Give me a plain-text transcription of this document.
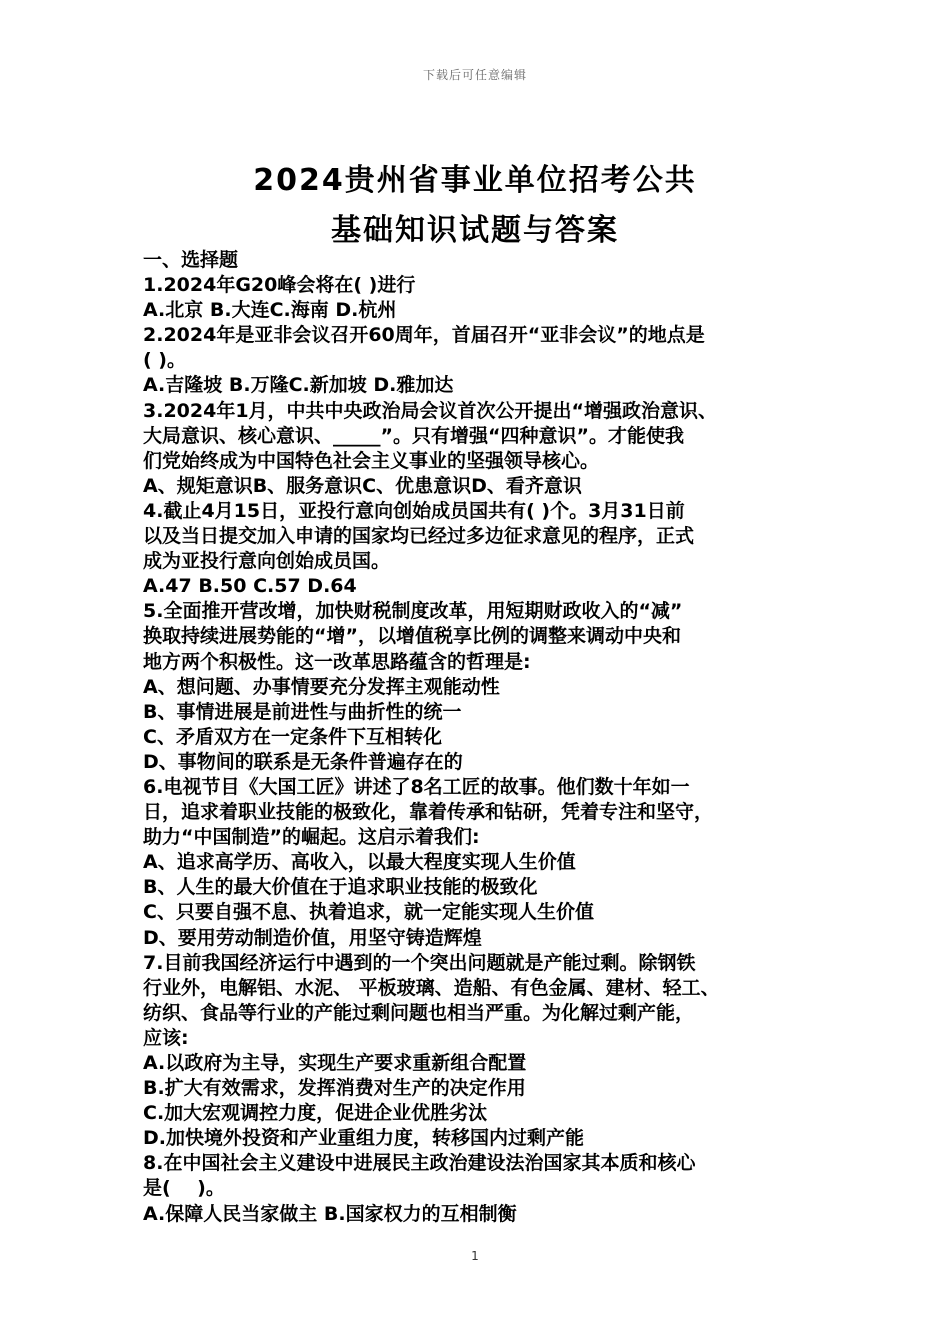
下载后可任意编辑
2024贵州省事业单位招考公共
基础知识试题与答案
一、选择题
1.2024年G20峰会将在( )进行
A.北京 B.大连C.海南 D.杭州
2.2024年是亚非会议召开60周年，首届召开“亚非会议”的地点是
( )。
A.吉隆坡 B.万隆C.新加坡 D.雅加达
3.2024年1月，中共中央政治局会议首次公开提出“增强政治意识、
大局意识、核心意识、_____”。只有增强“四种意识”。才能使我
们党始终成为中国特色社会主义事业的坚强领导核心。
A、规矩意识B、服务意识C、优患意识D、看齐意识
4.截止4月15日，亚投行意向创始成员国共有( )个。3月31日前
以及当日提交加入申请的国家均已经过多边征求意见的程序，正式
成为亚投行意向创始成员国。
A.47 B.50 C.57 D.64
5.全面推开营改增，加快财税制度改革，用短期财政收入的“减”
换取持续进展势能的“增”，以增值税享比例的调整来调动中央和
地方两个积极性。这一改革思路蕴含的哲理是:
A、想问题、办事情要充分发挥主观能动性
B、事情进展是前进性与曲折性的统一
C、矛盾双方在一定条件下互相转化
D、事物间的联系是无条件普遍存在的
6.电视节目《大国工匠》讲述了8名工匠的故事。他们数十年如一
日，追求着职业技能的极致化，靠着传承和钻研，凭着专注和坚守，
助力“中国制造”的崛起。这启示着我们:
A、追求高学历、高收入，以最大程度实现人生价值
B、人生的最大价值在于追求职业技能的极致化
C、只要自强不息、执着追求，就一定能实现人生价值
D、要用劳动制造价值，用坚守铸造辉煌
7.目前我国经济运行中遇到的一个突出问题就是产能过剩。除钢铁
行业外，电解铝、水泥、 平板玻璃、造船、有色金属、建材、轻工、
纺织、食品等行业的产能过剩问题也相当严重。为化解过剩产能，
应该:
A.以政府为主导，实现生产要求重新组合配置
B.扩大有效需求，发挥消费对生产的决定作用
C.加大宏观调控力度，促进企业优胜劣汰
D.加快境外投资和产业重组力度，转移国内过剩产能
8.在中国社会主义建设中进展民主政治建设法治国家其本质和核心
是(    )。
A.保障人民当家做主 B.国家权力的互相制衡
1
